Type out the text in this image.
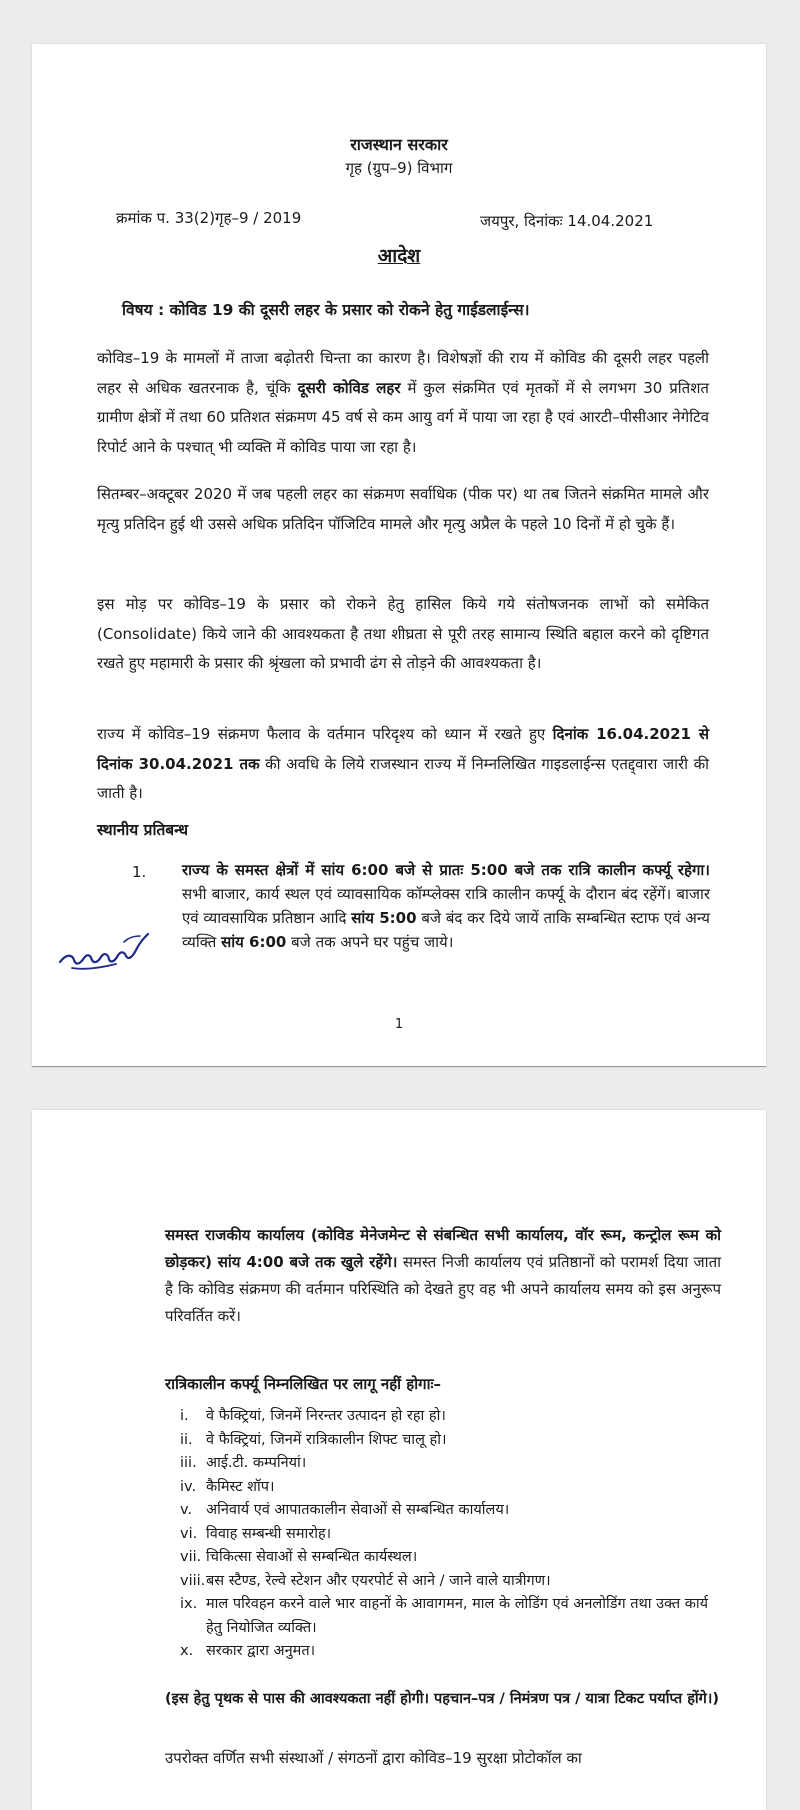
राजस्थान सरकार
गृह (ग्रुप–9) विभाग
क्रमांक प. 33(2)गृह–9 / 2019	जयपुर, दिनांकः 14.04.2021
आदेश
विषय : कोविड 19 की दूसरी लहर के प्रसार को रोकने हेतु गाईडलाईन्स।
कोविड–19 के मामलों में ताजा बढ़ोतरी चिन्ता का कारण है। विशेषज्ञों की राय में कोविड की दूसरी लहर पहली लहर से अधिक खतरनाक है, चूंकि दूसरी कोविड लहर में कुल संक्रमित एवं मृतकों में से लगभग 30 प्रतिशत ग्रामीण क्षेत्रों में तथा 60 प्रतिशत संक्रमण 45 वर्ष से कम आयु वर्ग में पाया जा रहा है एवं आरटी–पीसीआर नेगेटिव रिपोर्ट आने के पश्चात् भी व्यक्ति में कोविड पाया जा रहा है।
सितम्बर–अक्टूबर 2020 में जब पहली लहर का संक्रमण सर्वाधिक (पीक पर) था तब जितने संक्रमित मामले और मृत्यु प्रतिदिन हुई थी उससे अधिक प्रतिदिन पॉजिटिव मामले और मृत्यु अप्रैल के पहले 10 दिनों में हो चुके हैं।
इस मोड़ पर कोविड–19 के प्रसार को रोकने हेतु हासिल किये गये संतोषजनक लाभों को समेकित (Consolidate) किये जाने की आवश्यकता है तथा शीघ्रता से पूरी तरह सामान्य स्थिति बहाल करने को दृष्टिगत रखते हुए महामारी के प्रसार की श्रृंखला को प्रभावी ढंग से तोड़ने की आवश्यकता है।
राज्य में कोविड–19 संक्रमण फैलाव के वर्तमान परिदृश्य को ध्यान में रखते हुए दिनांक 16.04.2021 से दिनांक 30.04.2021 तक की अवधि के लिये राजस्थान राज्य में निम्नलिखित गाइडलाईन्स एतद्द्वारा जारी की जाती है।
स्थानीय प्रतिबन्ध
1. राज्य के समस्त क्षेत्रों में सांय 6:00 बजे से प्रातः 5:00 बजे तक रात्रि कालीन कर्फ्यू रहेगा। सभी बाजार, कार्य स्थल एवं व्यावसायिक कॉम्प्लेक्स रात्रि कालीन कर्फ्यू के दौरान बंद रहेंगें। बाजार एवं व्यावसायिक प्रतिष्ठान आदि सांय 5:00 बजे बंद कर दिये जायें ताकि सम्बन्धित स्टाफ एवं अन्य व्यक्ति सांय 6:00 बजे तक अपने घर पहुंच जाये।
1
समस्त राजकीय कार्यालय (कोविड मेनेजमेन्ट से संबन्धित सभी कार्यालय, वॉर रूम, कन्ट्रोल रूम को छोड़कर) सांय 4:00 बजे तक खुले रहेंगे। समस्त निजी कार्यालय एवं प्रतिष्ठानों को परामर्श दिया जाता है कि कोविड संक्रमण की वर्तमान परिस्थिति को देखते हुए वह भी अपने कार्यालय समय को इस अनुरूप परिवर्तित करें।
रात्रिकालीन कर्फ्यू निम्नलिखित पर लागू नहीं होगाः–
i.	वे फैक्ट्रियां, जिनमें निरन्तर उत्पादन हो रहा हो।
ii. वे फैक्ट्रियां, जिनमें रात्रिकालीन शिफ्ट चालू हो।
iii. आई.टी. कम्पनियां।
iv. कैमिस्ट शॉप।
v. अनिवार्य एवं आपातकालीन सेवाओं से सम्बन्धित कार्यालय।
vi. विवाह सम्बन्धी समारोह।
vii. चिकित्सा सेवाओं से सम्बन्धित कार्यस्थल।
viii. बस स्टैण्ड, रेल्वे स्टेशन और एयरपोर्ट से आने / जाने वाले यात्रीगण।
ix. माल परिवहन करने वाले भार वाहनों के आवागमन, माल के लोडिंग एवं अनलोडिंग तथा उक्त कार्य हेतु नियोजित व्यक्ति।
x. सरकार द्वारा अनुमत।
(इस हेतु पृथक से पास की आवश्यकता नहीं होगी। पहचान–पत्र / निमंत्रण पत्र / यात्रा टिकट पर्याप्त होंगे।)
उपरोक्त वर्णित सभी संस्थाओं / संगठनों द्वारा कोविड–19 सुरक्षा प्रोटोकॉल का
